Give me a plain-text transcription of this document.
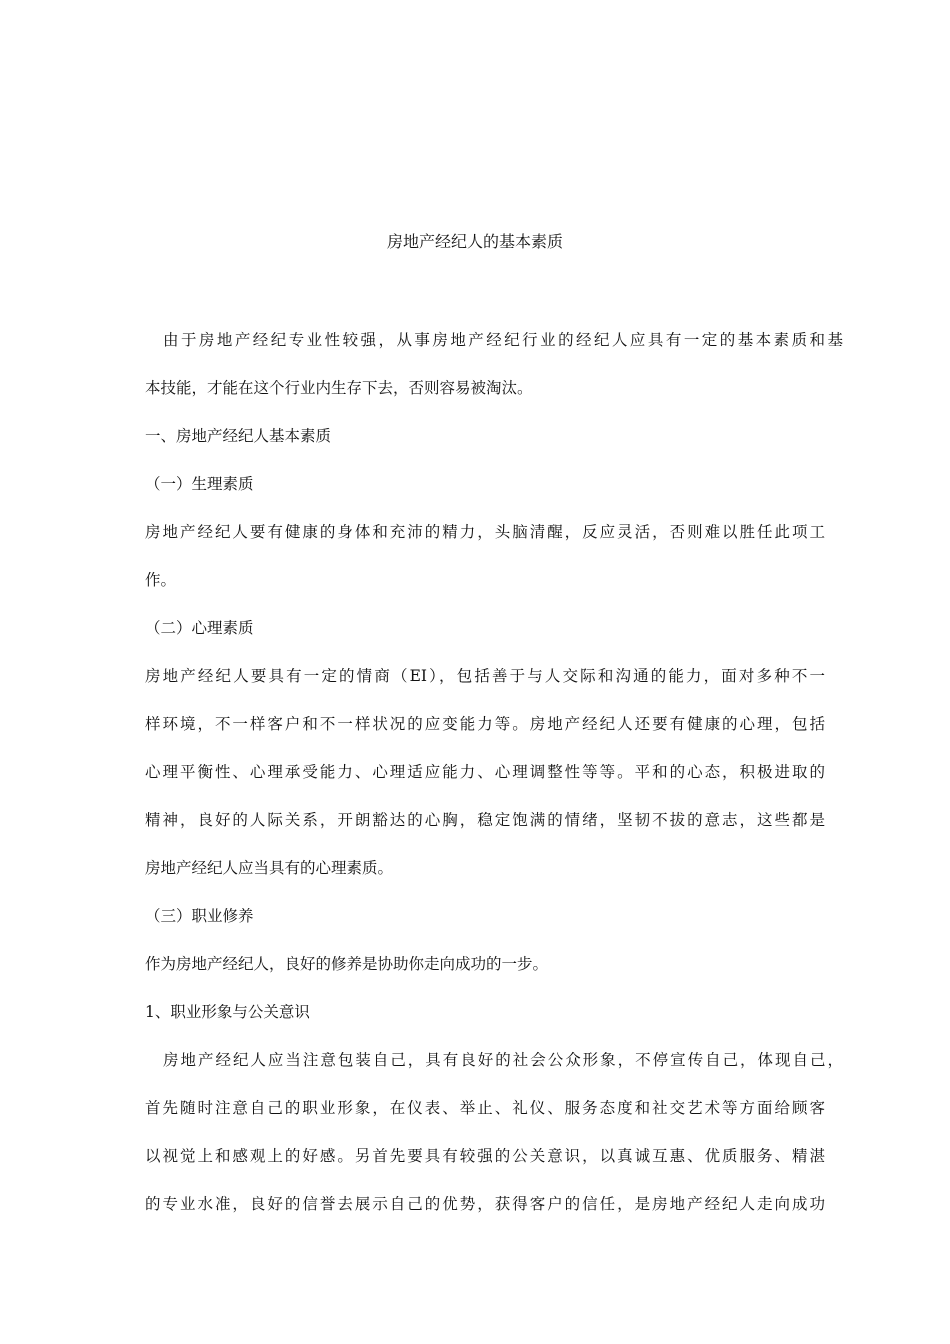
房地产经纪人的基本素质

由于房地产经纪专业性较强，从事房地产经纪行业的经纪人应具有一定的基本素质和基

本技能，才能在这个行业内生存下去，否则容易被淘汰。

一、房地产经纪人基本素质

（一）生理素质

房地产经纪人要有健康的身体和充沛的精力，头脑清醒，反应灵活，否则难以胜任此项工

作。

（二）心理素质

房地产经纪人要具有一定的情商（EI），包括善于与人交际和沟通的能力，面对多种不一

样环境，不一样客户和不一样状况的应变能力等。房地产经纪人还要有健康的心理，包括

心理平衡性、心理承受能力、心理适应能力、心理调整性等等。平和的心态，积极进取的

精神，良好的人际关系，开朗豁达的心胸，稳定饱满的情绪，坚韧不拔的意志，这些都是

房地产经纪人应当具有的心理素质。

（三）职业修养

作为房地产经纪人，良好的修养是协助你走向成功的一步。

1、职业形象与公关意识

房地产经纪人应当注意包装自己，具有良好的社会公众形象，不停宣传自己，体现自己，

首先随时注意自己的职业形象，在仪表、举止、礼仪、服务态度和社交艺术等方面给顾客

以视觉上和感观上的好感。另首先要具有较强的公关意识，以真诚互惠、优质服务、精湛

的专业水准，良好的信誉去展示自己的优势，获得客户的信任，是房地产经纪人走向成功
